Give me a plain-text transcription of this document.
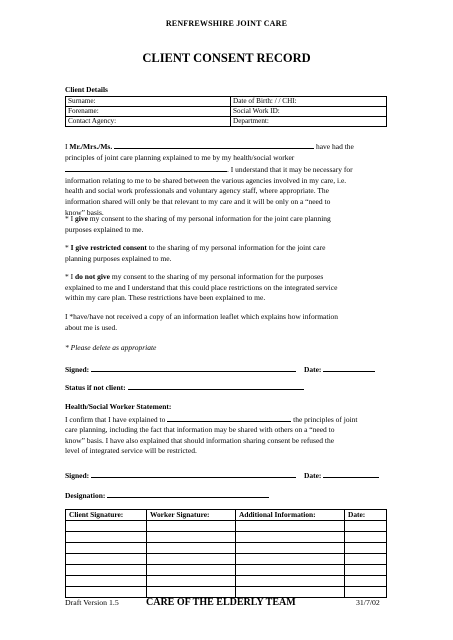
RENFREWSHIRE JOINT CARE
CLIENT CONSENT RECORD
Client Details
Surname:	Date of Birth: / / CHI:
Forename:	Social Work ID:
Contact Agency:	Department:
I Mr./Mrs./Ms.	have had the
principles of joint care planning explained to me by my health/social worker
. I understand that it may be necessary for
information relating to me to be shared between the various agencies involved in my care, i.e.
health and social work professionals and voluntary agency staff, where appropriate. The
information shared will only be that relevant to my care and it will be only on a “need to
know” basis.
* I give my consent to the sharing of my personal information for the joint care planning
purposes explained to me.
* I give restricted consent to the sharing of my personal information for the joint care
planning purposes explained to me.
* I do not give my consent to the sharing of my personal information for the purposes
explained to me and I understand that this could place restrictions on the integrated service
within my care plan. These restrictions have been explained to me.
I *have/have not received a copy of an information leaflet which explains how information
about me is used.
* Please delete as appropriate
Signed:	Date:
Status if not client:
Health/Social Worker Statement:
I confirm that I have explained to	the principles of joint
care planning, including the fact that information may be shared with others on a “need to
know” basis. I have also explained that should information sharing consent be refused the
level of integrated service will be restricted.
Signed:	Date:
Designation:
Client Signature:	Worker Signature:	Additional Information:	Date:

Draft Version 1.5	CARE OF THE ELDERLY TEAM	31/7/02
